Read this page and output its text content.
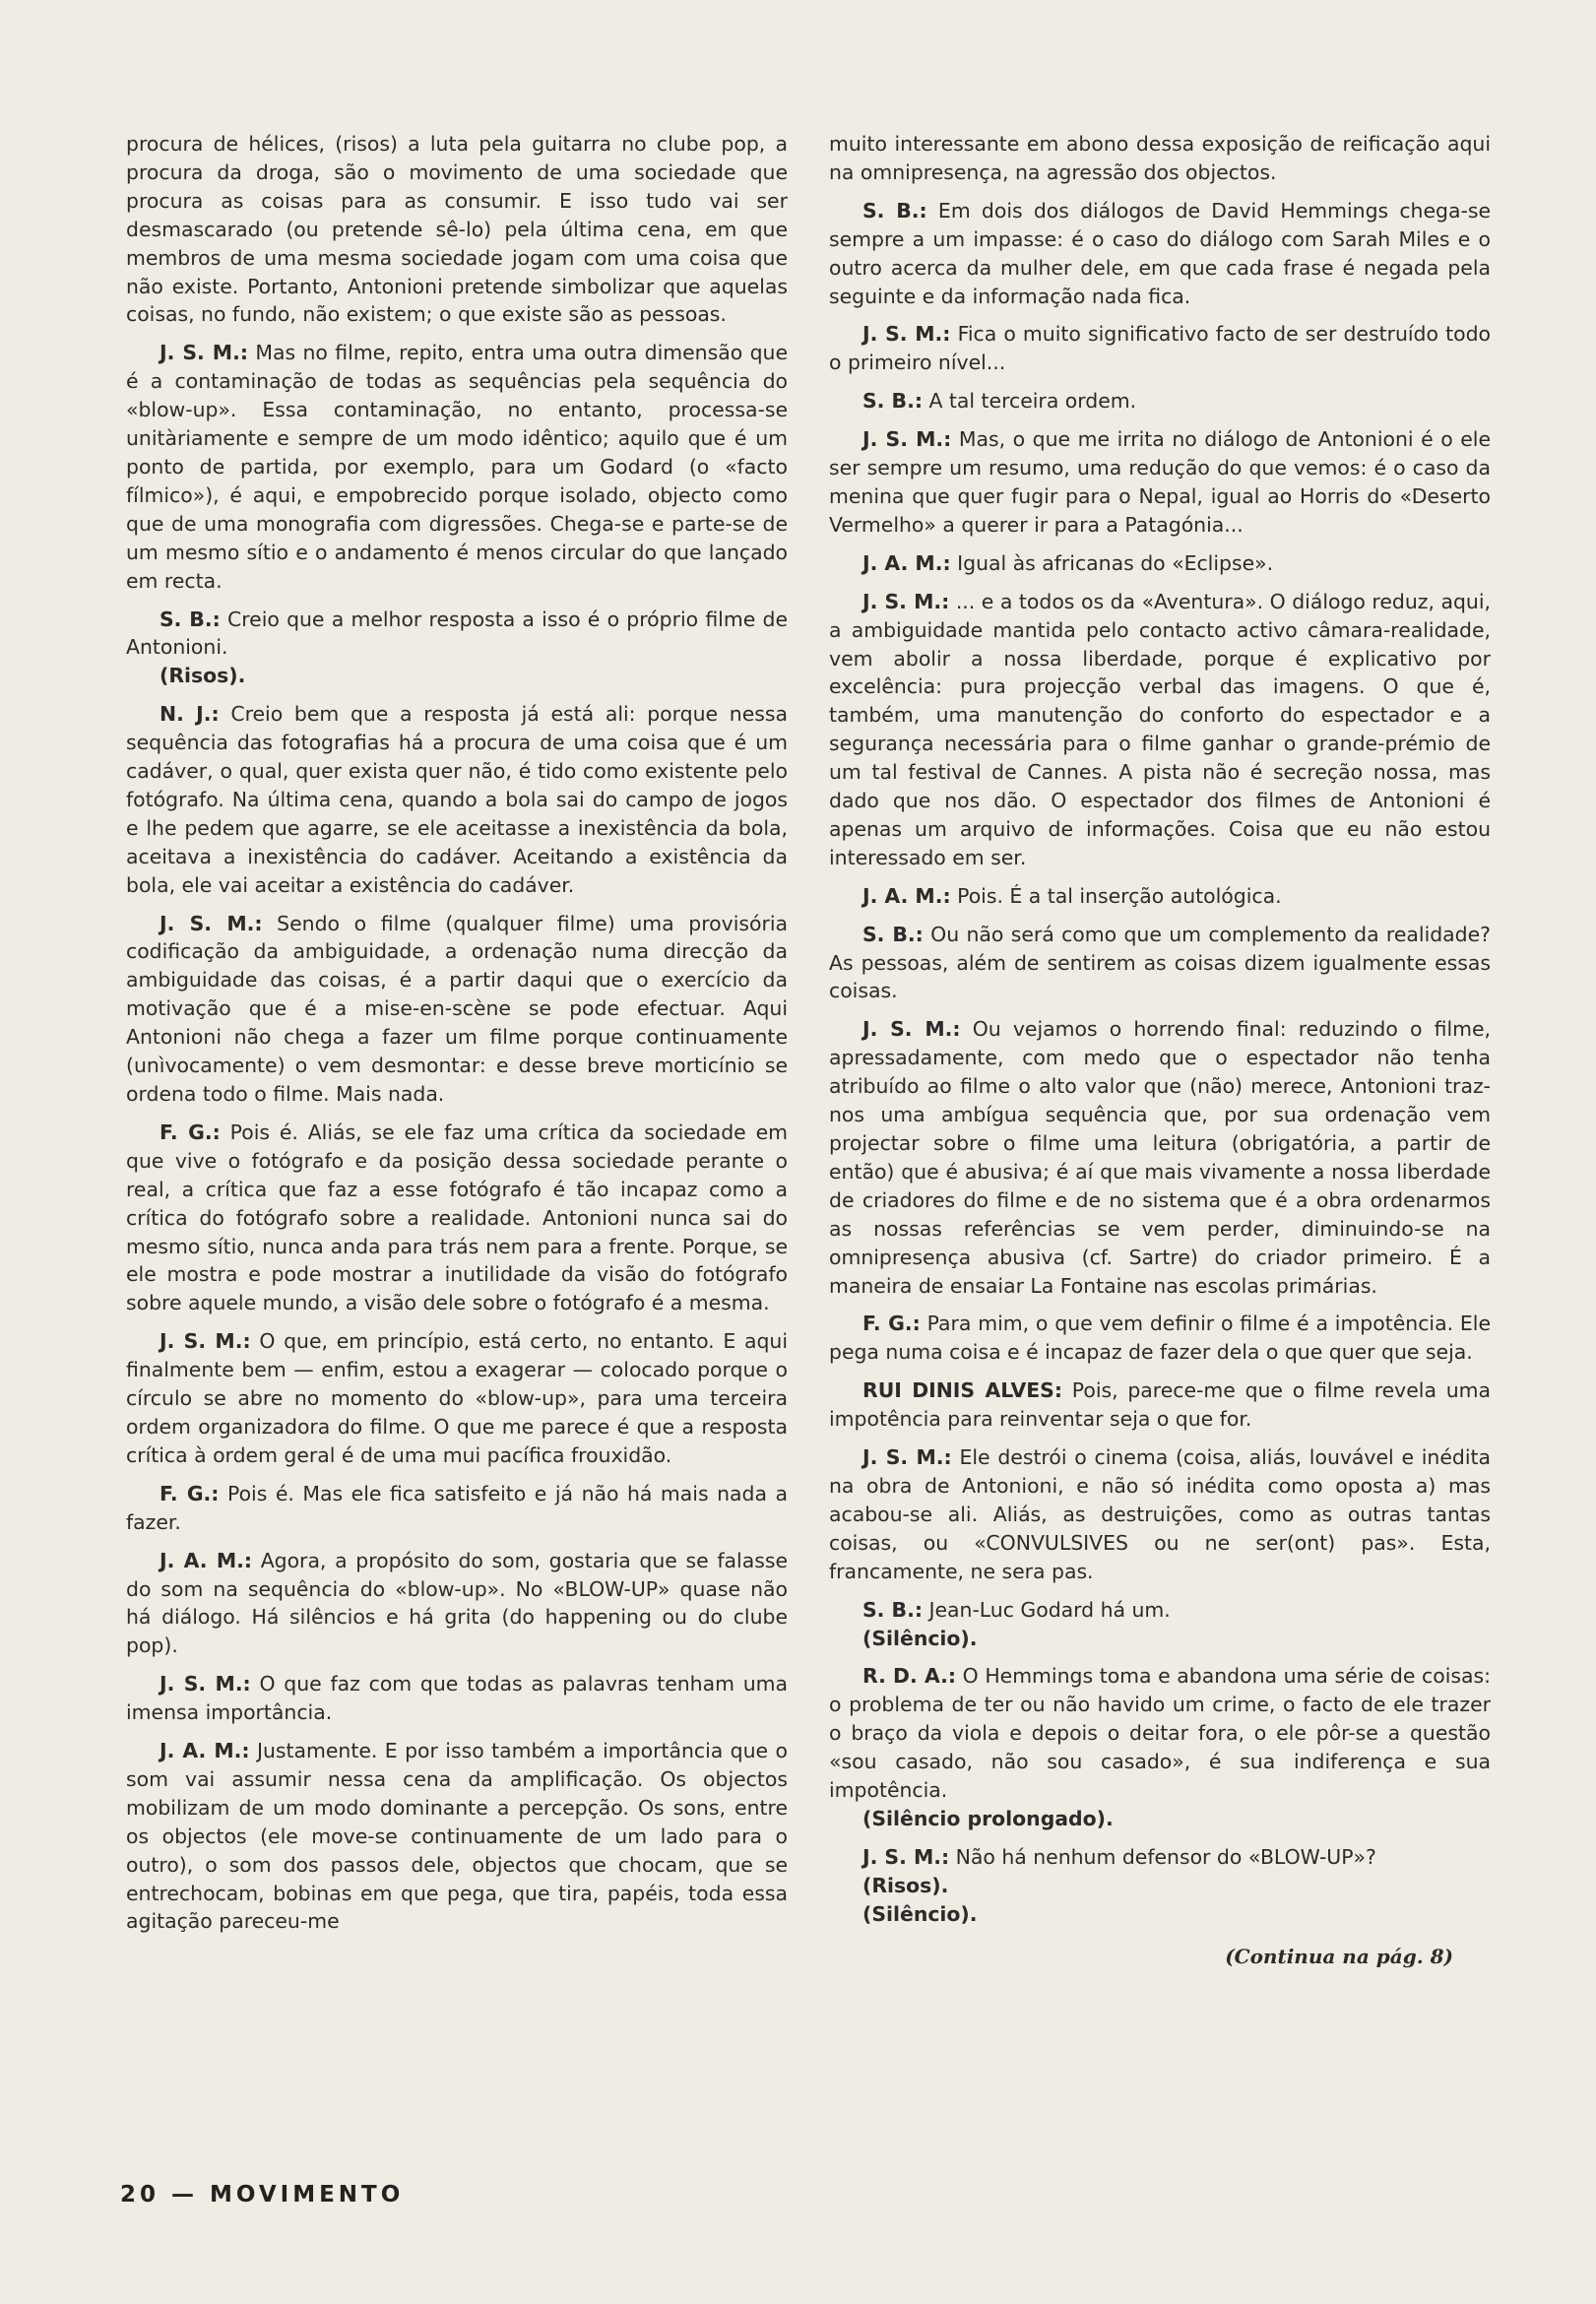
procura de hélices, (risos) a luta pela guitarra no clube pop, a procura da droga, são o movimento de uma sociedade que procura as coisas para as consumir. E isso tudo vai ser desmascarado (ou pretende sê-lo) pela última cena, em que membros de uma mesma sociedade jogam com uma coisa que não existe. Portanto, Antonioni pretende simbolizar que aquelas coisas, no fundo, não existem; o que existe são as pessoas.

J. S. M.: Mas no filme, repito, entra uma outra dimensão que é a contaminação de todas as sequências pela sequência do «blow-up». Essa contaminação, no entanto, processa-se unitàriamente e sempre de um modo idêntico; aquilo que é um ponto de partida, por exemplo, para um Godard (o «facto fílmico»), é aqui, e empobrecido porque isolado, objecto como que de uma monografia com digressões. Chega-se e parte-se de um mesmo sítio e o andamento é menos circular do que lançado em recta.

S. B.: Creio que a melhor resposta a isso é o próprio filme de Antonioni.

(Risos).

N. J.: Creio bem que a resposta já está ali: porque nessa sequência das fotografias há a procura de uma coisa que é um cadáver, o qual, quer exista quer não, é tido como existente pelo fotógrafo. Na última cena, quando a bola sai do campo de jogos e lhe pedem que agarre, se ele aceitasse a inexistência da bola, aceitava a inexistência do cadáver. Aceitando a existência da bola, ele vai aceitar a existência do cadáver.

J. S. M.: Sendo o filme (qualquer filme) uma provisória codificação da ambiguidade, a ordenação numa direcção da ambiguidade das coisas, é a partir daqui que o exercício da motivação que é a mise-en-scène se pode efectuar. Aqui Antonioni não chega a fazer um filme porque continuamente (unìvocamente) o vem desmontar: e desse breve morticínio se ordena todo o filme. Mais nada.

F. G.: Pois é. Aliás, se ele faz uma crítica da sociedade em que vive o fotógrafo e da posição dessa sociedade perante o real, a crítica que faz a esse fotógrafo é tão incapaz como a crítica do fotógrafo sobre a realidade. Antonioni nunca sai do mesmo sítio, nunca anda para trás nem para a frente. Porque, se ele mostra e pode mostrar a inutilidade da visão do fotógrafo sobre aquele mundo, a visão dele sobre o fotógrafo é a mesma.

J. S. M.: O que, em princípio, está certo, no entanto. E aqui finalmente bem — enfim, estou a exagerar — colocado porque o círculo se abre no momento do «blow-up», para uma terceira ordem organizadora do filme. O que me parece é que a resposta crítica à ordem geral é de uma mui pacífica frouxidão.

F. G.: Pois é. Mas ele fica satisfeito e já não há mais nada a fazer.

J. A. M.: Agora, a propósito do som, gostaria que se falasse do som na sequência do «blow-up». No «BLOW-UP» quase não há diálogo. Há silêncios e há grita (do happening ou do clube pop).

J. S. M.: O que faz com que todas as palavras tenham uma imensa importância.

J. A. M.: Justamente. E por isso também a importância que o som vai assumir nessa cena da amplificação. Os objectos mobilizam de um modo dominante a percepção. Os sons, entre os objectos (ele move-se continuamente de um lado para o outro), o som dos passos dele, objectos que chocam, que se entrechocam, bobinas em que pega, que tira, papéis, toda essa agitação pareceu-me

muito interessante em abono dessa exposição de reificação aqui na omnipresença, na agressão dos objectos.

S. B.: Em dois dos diálogos de David Hemmings chega-se sempre a um impasse: é o caso do diálogo com Sarah Miles e o outro acerca da mulher dele, em que cada frase é negada pela seguinte e da informação nada fica.

J. S. M.: Fica o muito significativo facto de ser destruído todo o primeiro nível...

S. B.: A tal terceira ordem.

J. S. M.: Mas, o que me irrita no diálogo de Antonioni é o ele ser sempre um resumo, uma redução do que vemos: é o caso da menina que quer fugir para o Nepal, igual ao Horris do «Deserto Vermelho» a querer ir para a Patagónia...

J. A. M.: Igual às africanas do «Eclipse».

J. S. M.: ... e a todos os da «Aventura». O diálogo reduz, aqui, a ambiguidade mantida pelo contacto activo câmara-realidade, vem abolir a nossa liberdade, porque é explicativo por excelência: pura projecção verbal das imagens. O que é, também, uma manutenção do conforto do espectador e a segurança necessária para o filme ganhar o grande-prémio de um tal festival de Cannes. A pista não é secreção nossa, mas dado que nos dão. O espectador dos filmes de Antonioni é apenas um arquivo de informações. Coisa que eu não estou interessado em ser.

J. A. M.: Pois. É a tal inserção autológica.

S. B.: Ou não será como que um complemento da realidade? As pessoas, além de sentirem as coisas dizem igualmente essas coisas.

J. S. M.: Ou vejamos o horrendo final: reduzindo o filme, apressadamente, com medo que o espectador não tenha atribuído ao filme o alto valor que (não) merece, Antonioni traz-nos uma ambígua sequência que, por sua ordenação vem projectar sobre o filme uma leitura (obrigatória, a partir de então) que é abusiva; é aí que mais vivamente a nossa liberdade de criadores do filme e de no sistema que é a obra ordenarmos as nossas referências se vem perder, diminuindo-se na omnipresença abusiva (cf. Sartre) do criador primeiro. É a maneira de ensaiar La Fontaine nas escolas primárias.

F. G.: Para mim, o que vem definir o filme é a impotência. Ele pega numa coisa e é incapaz de fazer dela o que quer que seja.

RUI DINIS ALVES: Pois, parece-me que o filme revela uma impotência para reinventar seja o que for.

J. S. M.: Ele destrói o cinema (coisa, aliás, louvável e inédita na obra de Antonioni, e não só inédita como oposta a) mas acabou-se ali. Aliás, as destruições, como as outras tantas coisas, ou «CONVULSIVES ou ne ser(ont) pas». Esta, francamente, ne sera pas.

S. B.: Jean-Luc Godard há um.

(Silêncio).

R. D. A.: O Hemmings toma e abandona uma série de coisas: o problema de ter ou não havido um crime, o facto de ele trazer o braço da viola e depois o deitar fora, o ele pôr-se a questão «sou casado, não sou casado», é sua indiferença e sua impotência.

(Silêncio prolongado).

J. S. M.: Não há nenhum defensor do «BLOW-UP»?

(Risos).

(Silêncio).

(Continua na pág. 8)
20 — MOVIMENTO
